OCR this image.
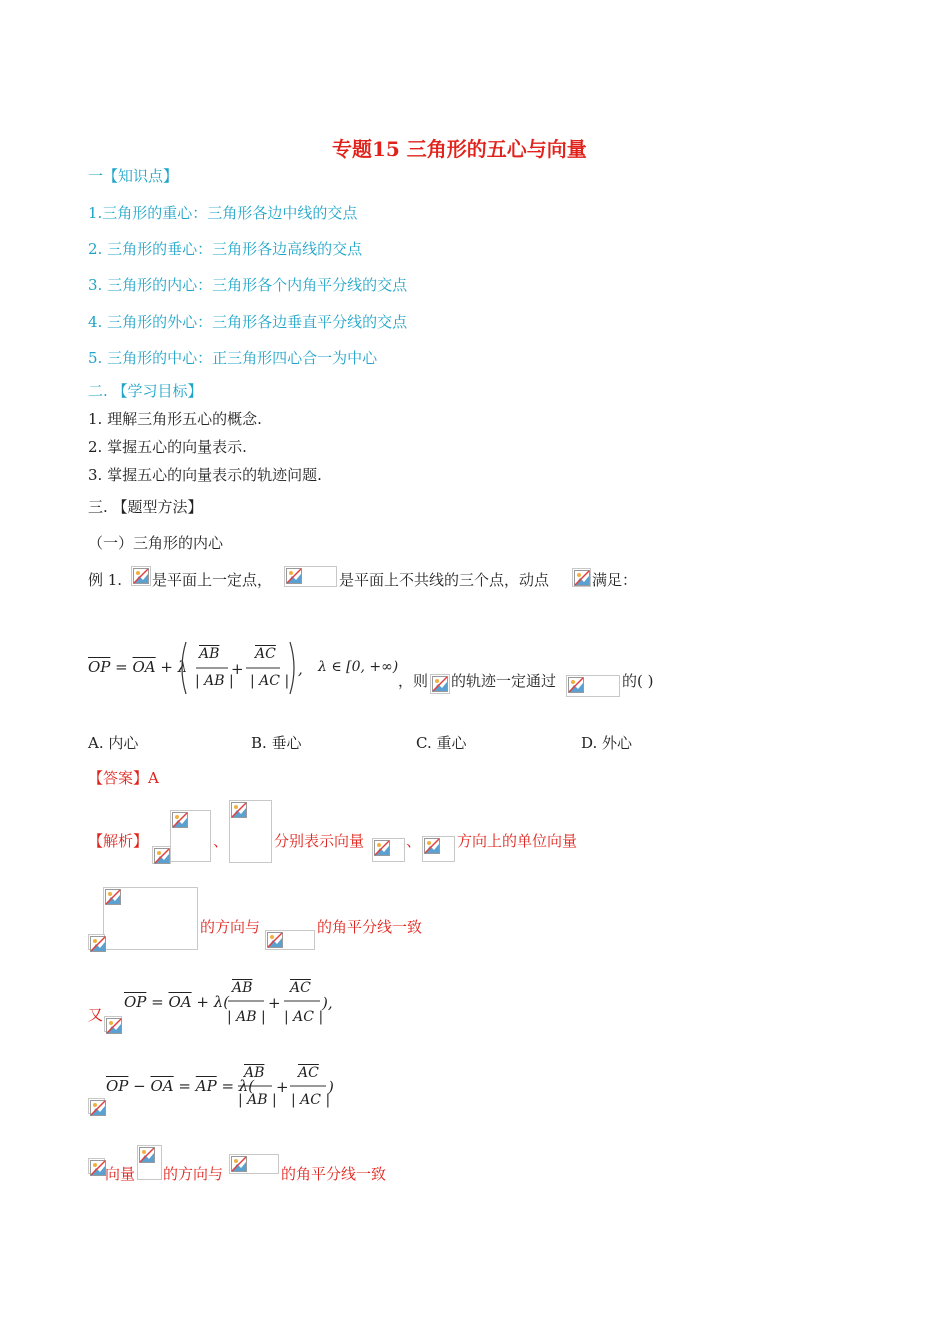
专题15 三角形的五心与向量
一【知识点】
1.三角形的重心：三角形各边中线的交点
2. 三角形的垂心：三角形各边高线的交点
3. 三角形的内心：三角形各个内角平分线的交点
4. 三角形的外心：三角形各边垂直平分线的交点
5. 三角形的中心：正三角形四心合一为中心
二. 【学习目标】
1. 理解三角形五心的概念.
2. 掌握五心的向量表示.
3. 掌握五心的向量表示的轨迹问题.
三. 【题型方法】
（一）三角形的内心
例 1. 是平面上一定点，	是平面上不共线的三个点，动点	满足：
$\overline{OP} = \overline{OA} + \lambda$
$\overline{AB}$
| AB |
+
$\overline{AC}$
| AC |
, λ ∈ [0, +∞)
，则 的轨迹一定通过	的( )
A. 内心	B. 垂心	C. 重心	D. 外心
【答案】A
【解析】	、	分别表示向量	、 方向上的单位向量
的方向与	的角平分线一致
又
$\overline{OP} = \overline{OA} + \lambda$(
$\overline{AB}$
| AB |
+
$\overline{AC}$
| AC |
),
$\overline{OP} - \overline{OA} = \overline{AP} = \lambda$(
$\overline{AB}$
| AB |
+
$\overline{AC}$
| AC |
)
向量 的方向与	的角平分线一致
